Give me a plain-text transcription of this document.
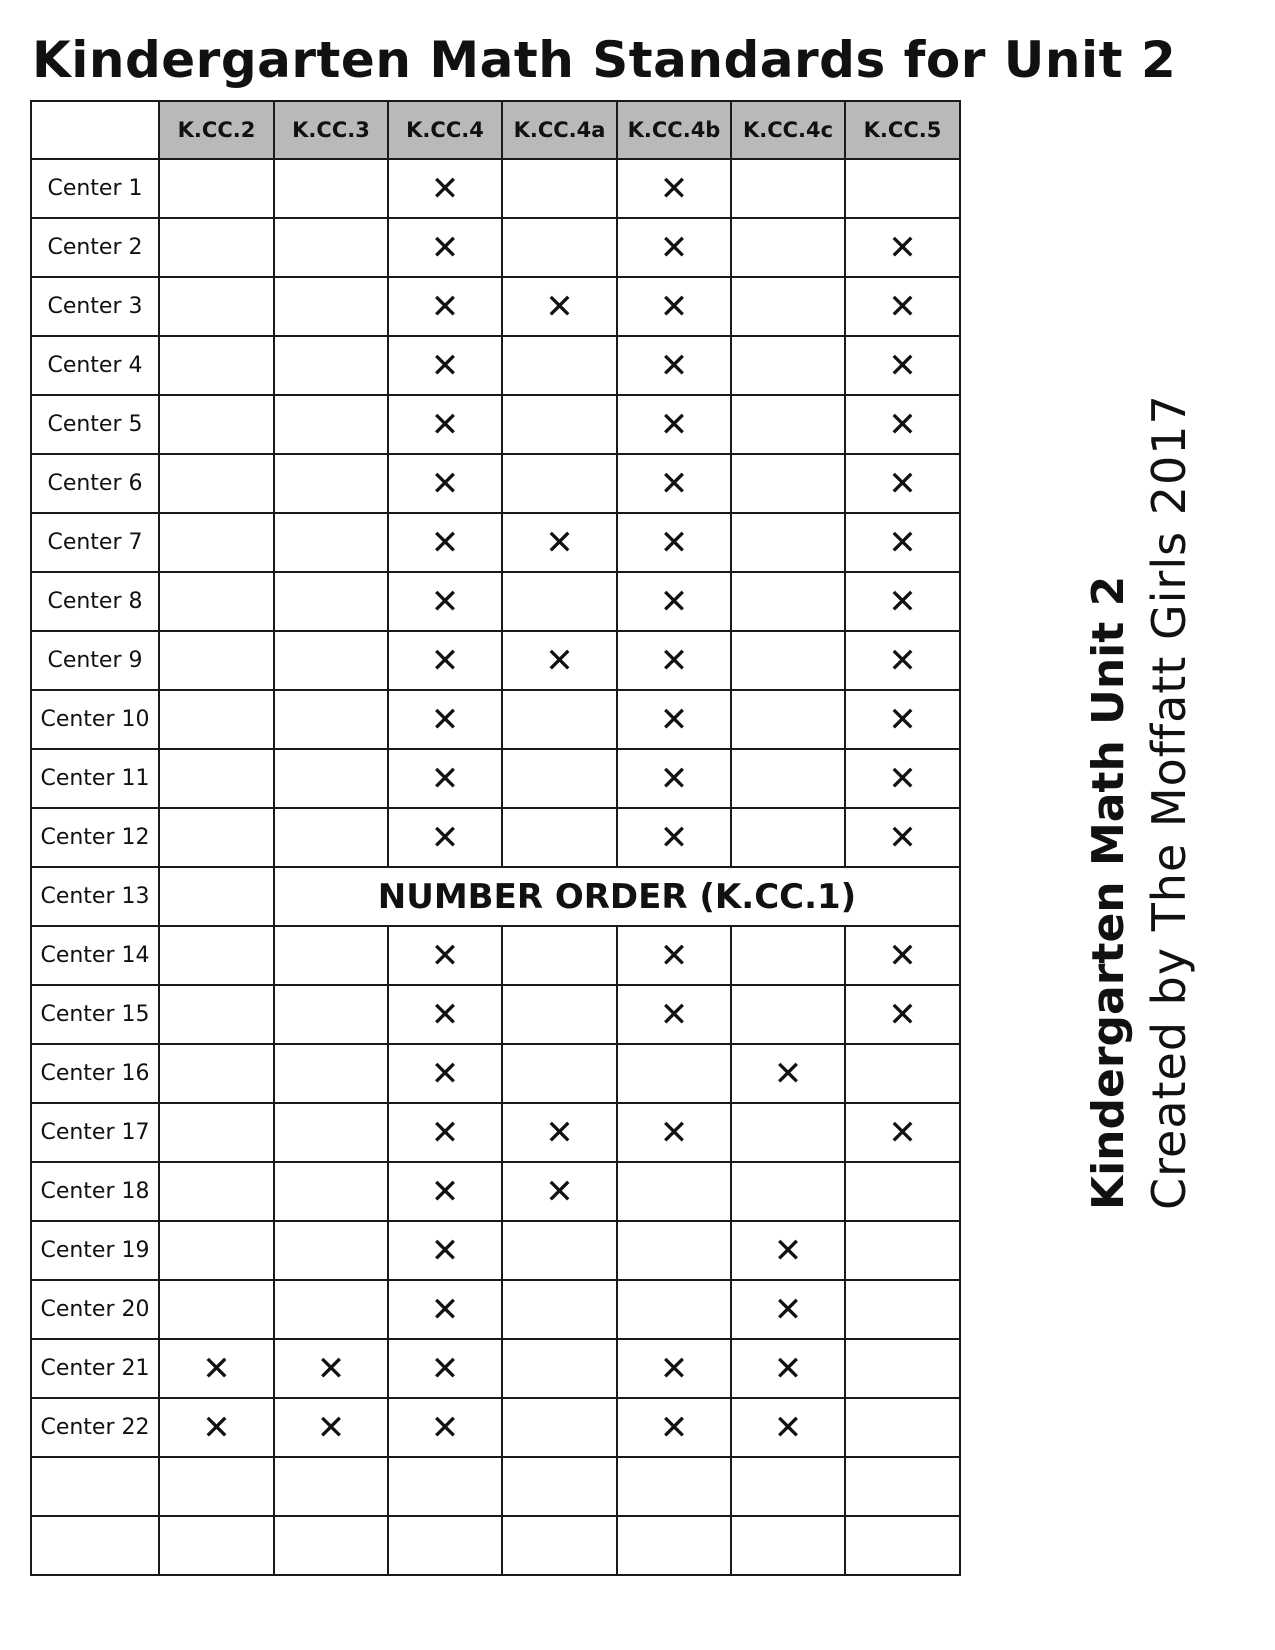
Kindergarten Math Standards for Unit 2
	K.CC.2	K.CC.3	K.CC.4	K.CC.4a	K.CC.4b	K.CC.4c	K.CC.5
Center 1			✕		✕		
Center 2			✕		✕		✕
Center 3			✕	✕	✕		✕
Center 4			✕		✕		✕
Center 5			✕		✕		✕
Center 6			✕		✕		✕
Center 7			✕	✕	✕		✕
Center 8			✕		✕		✕
Center 9			✕	✕	✕		✕
Center 10			✕		✕		✕
Center 11			✕		✕		✕
Center 12			✕		✕		✕
Center 13		NUMBER ORDER (K.CC.1)					
Center 14			✕		✕		✕
Center 15			✕		✕		✕
Center 16			✕			✕	
Center 17			✕	✕	✕		✕
Center 18			✕	✕			
Center 19			✕			✕	
Center 20			✕			✕	
Center 21	✕	✕	✕		✕	✕	
Center 22	✕	✕	✕		✕	✕	

Kindergarten Math Unit 2 Created by The Moffatt Girls 2017
